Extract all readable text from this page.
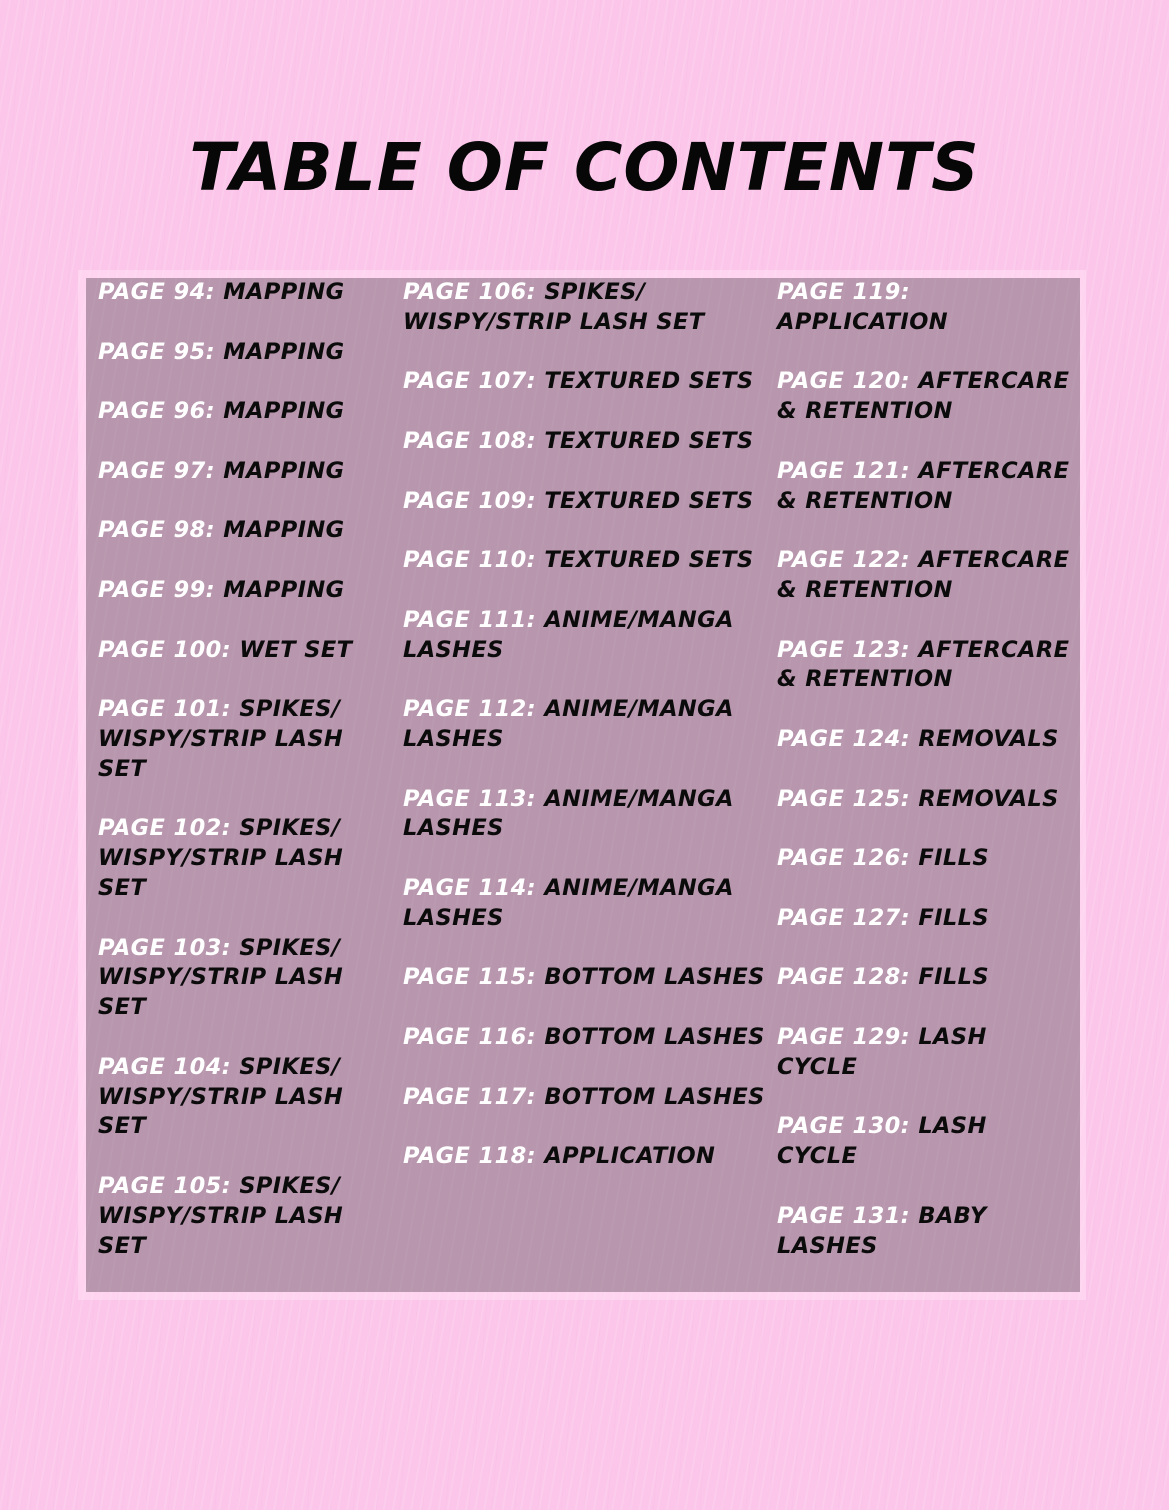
TABLE OF CONTENTS
PAGE 94: MAPPING
PAGE 95: MAPPING
PAGE 96: MAPPING
PAGE 97: MAPPING
PAGE 98: MAPPING
PAGE 99: MAPPING
PAGE 100: WET SET
PAGE 101: SPIKES/ WISPY/STRIP LASH SET
PAGE 102: SPIKES/ WISPY/STRIP LASH SET
PAGE 103: SPIKES/ WISPY/STRIP LASH SET
PAGE 104: SPIKES/ WISPY/STRIP LASH SET
PAGE 105: SPIKES/ WISPY/STRIP LASH SET
PAGE 106: SPIKES/ WISPY/STRIP LASH SET
PAGE 107: TEXTURED SETS
PAGE 108: TEXTURED SETS
PAGE 109: TEXTURED SETS
PAGE 110: TEXTURED SETS
PAGE 111: ANIME/MANGA LASHES
PAGE 112: ANIME/MANGA LASHES
PAGE 113: ANIME/MANGA LASHES
PAGE 114: ANIME/MANGA LASHES
PAGE 115: BOTTOM LASHES
PAGE 116: BOTTOM LASHES
PAGE 117: BOTTOM LASHES
PAGE 118: APPLICATION
PAGE 119: APPLICATION
PAGE 120: AFTERCARE & RETENTION
PAGE 121: AFTERCARE & RETENTION
PAGE 122: AFTERCARE & RETENTION
PAGE 123: AFTERCARE & RETENTION
PAGE 124: REMOVALS
PAGE 125: REMOVALS
PAGE 126: FILLS
PAGE 127: FILLS
PAGE 128: FILLS
PAGE 129: LASH CYCLE
PAGE 130: LASH CYCLE
PAGE 131: BABY LASHES
